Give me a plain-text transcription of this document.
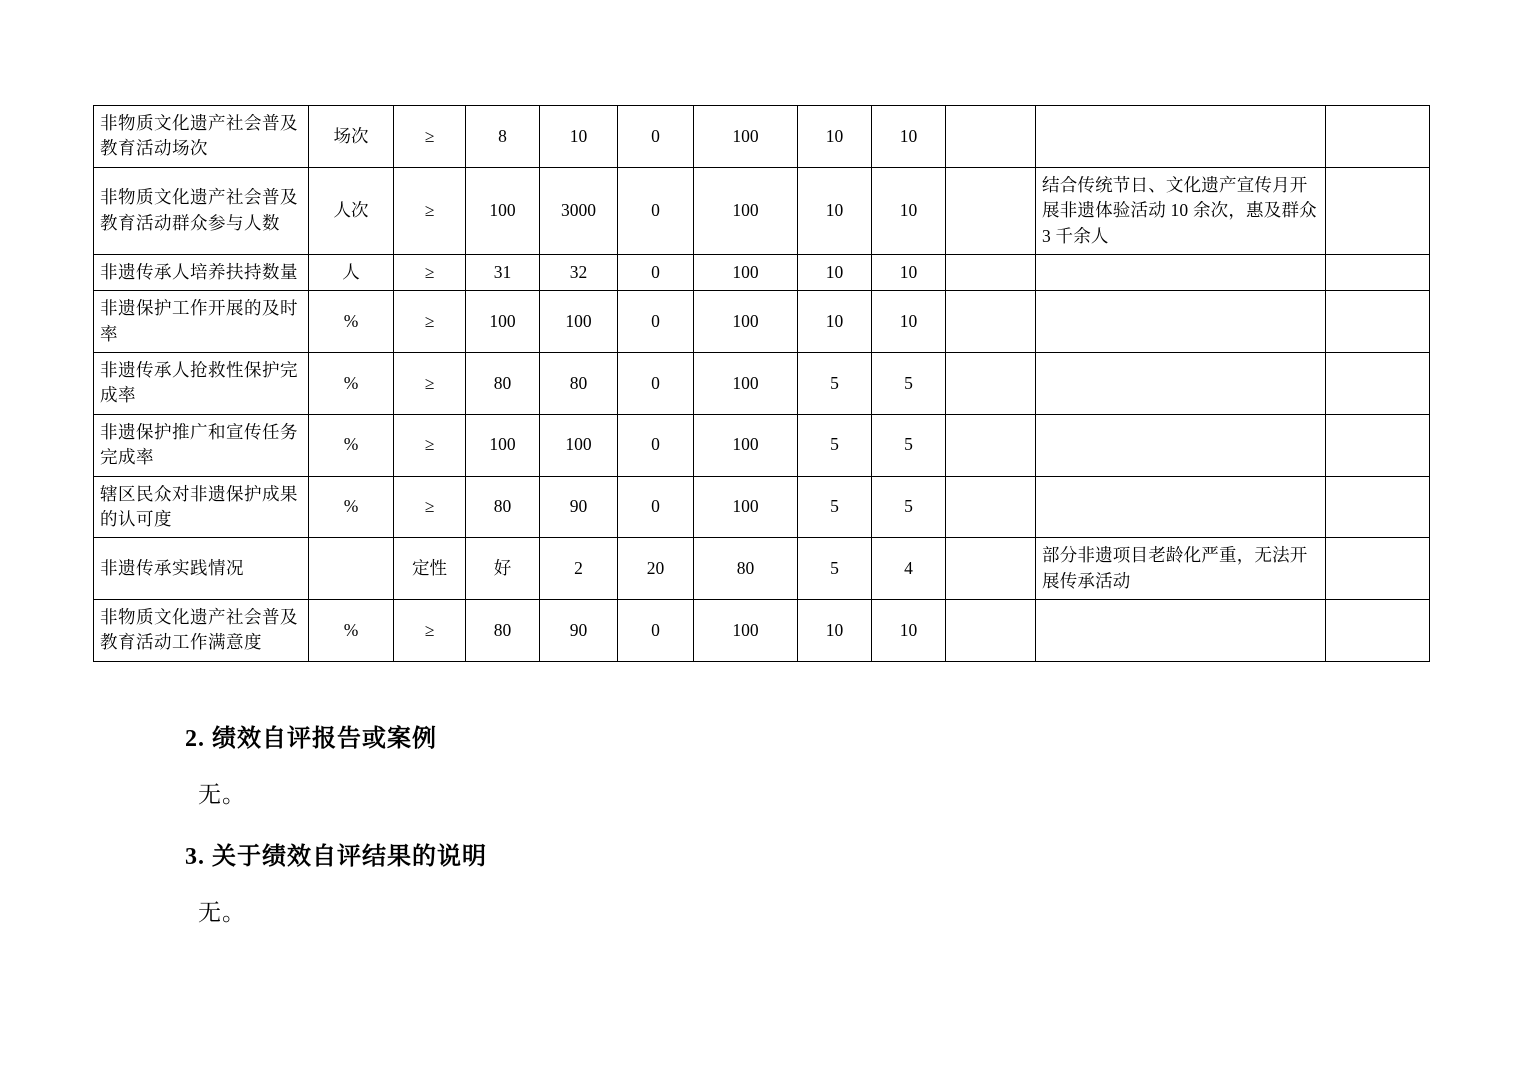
非物质文化遗产社会普及教育活动场次	场次	≥	8	10	0	100	10	10			
非物质文化遗产社会普及教育活动群众参与人数	人次	≥	100	3000	0	100	10	10		结合传统节日、文化遗产宣传月开展非遗体验活动 10 余次，惠及群众 3 千余人	
非遗传承人培养扶持数量	人	≥	31	32	0	100	10	10			
非遗保护工作开展的及时率	%	≥	100	100	0	100	10	10			
非遗传承人抢救性保护完成率	%	≥	80	80	0	100	5	5			
非遗保护推广和宣传任务完成率	%	≥	100	100	0	100	5	5			
辖区民众对非遗保护成果的认可度	%	≥	80	90	0	100	5	5			
非遗传承实践情况		定性	好	2	20	80	5	4		部分非遗项目老龄化严重，无法开展传承活动	
非物质文化遗产社会普及教育活动工作满意度	%	≥	80	90	0	100	10	10			
2. 绩效自评报告或案例
无。
3. 关于绩效自评结果的说明
无。
